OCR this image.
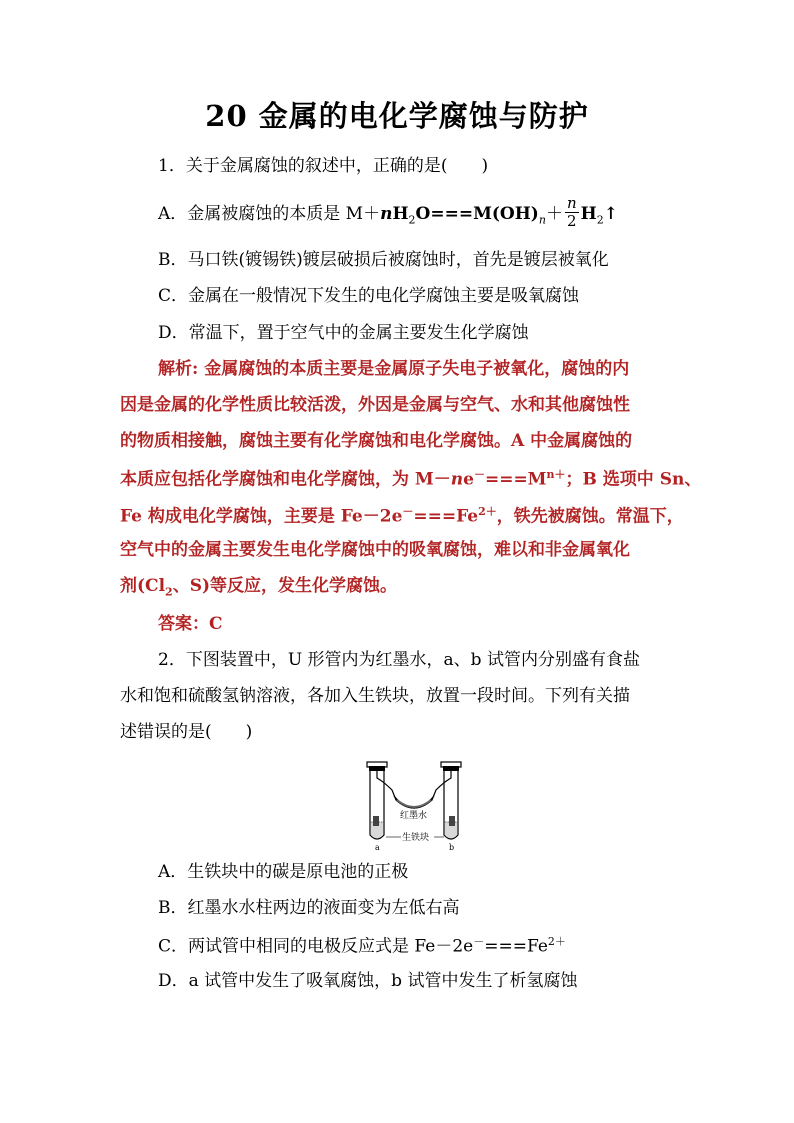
20 金属的电化学腐蚀与防护
1．关于金属腐蚀的叙述中，正确的是(　　)
A．金属被腐蚀的本质是 $M+nH_2O===M(OH)_n+ \frac{n}{2}$ $H_2↑$
B．马口铁(镀锡铁)镀层破损后被腐蚀时，首先是镀层被氧化
C．金属在一般情况下发生的电化学腐蚀主要是吸氧腐蚀
D．常温下，置于空气中的金属主要发生化学腐蚀
解析: 金属腐蚀的本质主要是金属原子失电子被氧化，腐蚀的内
因是金属的化学性质比较活泼，外因是金属与空气、水和其他腐蚀性
的物质相接触，腐蚀主要有化学腐蚀和电化学腐蚀。A 中金属腐蚀的
本质应包括化学腐蚀和电化学腐蚀，为 $M-ne^-===M^{n+}$；B 选项中 Sn、
Fe 构成电化学腐蚀，主要是 $Fe-2e^-===Fe^{2+}$，铁先被腐蚀。常温下，
空气中的金属主要发生电化学腐蚀中的吸氧腐蚀，难以和非金属氧化
剂($Cl_2$、S)等反应，发生化学腐蚀。
答案：C
2．下图装置中，U 形管内为红墨水，a、b 试管内分别盛有食盐
水和饱和硫酸氢钠溶液，各加入生铁块，放置一段时间。下列有关描
述错误的是(　　)
红墨水
生铁块
a	b
A．生铁块中的碳是原电池的正极
B．红墨水水柱两边的液面变为左低右高
C．两试管中相同的电极反应式是 $Fe-2e^-===Fe^{2+}$
D．a 试管中发生了吸氧腐蚀，b 试管中发生了析氢腐蚀
